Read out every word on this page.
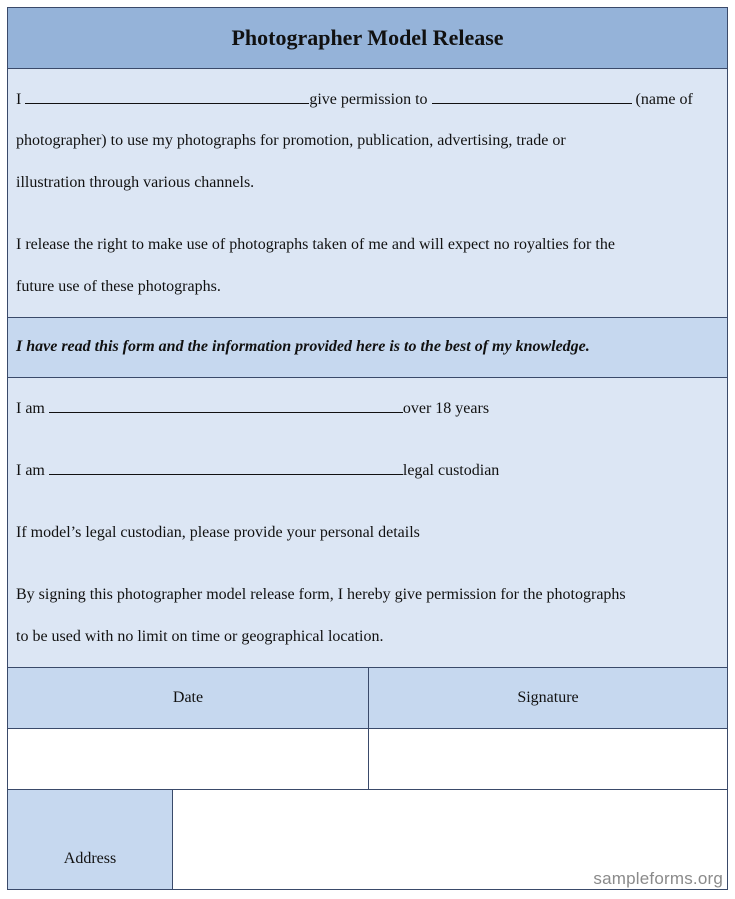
Photographer Model Release
I	give permission to	(name of
photographer) to use my photographs for promotion, publication, advertising, trade or
illustration through various channels.
I release the right to make use of photographs taken of me and will expect no royalties for the
future use of these photographs.

I have read this form and the information provided here is to the best of my knowledge.

I am	over 18 years
I am	legal custodian
If model’s legal custodian, please provide your personal details
By signing this photographer model release form, I hereby give permission for the photographs
to be used with no limit on time or geographical location.
Date	Signature
Address
sampleforms.org
